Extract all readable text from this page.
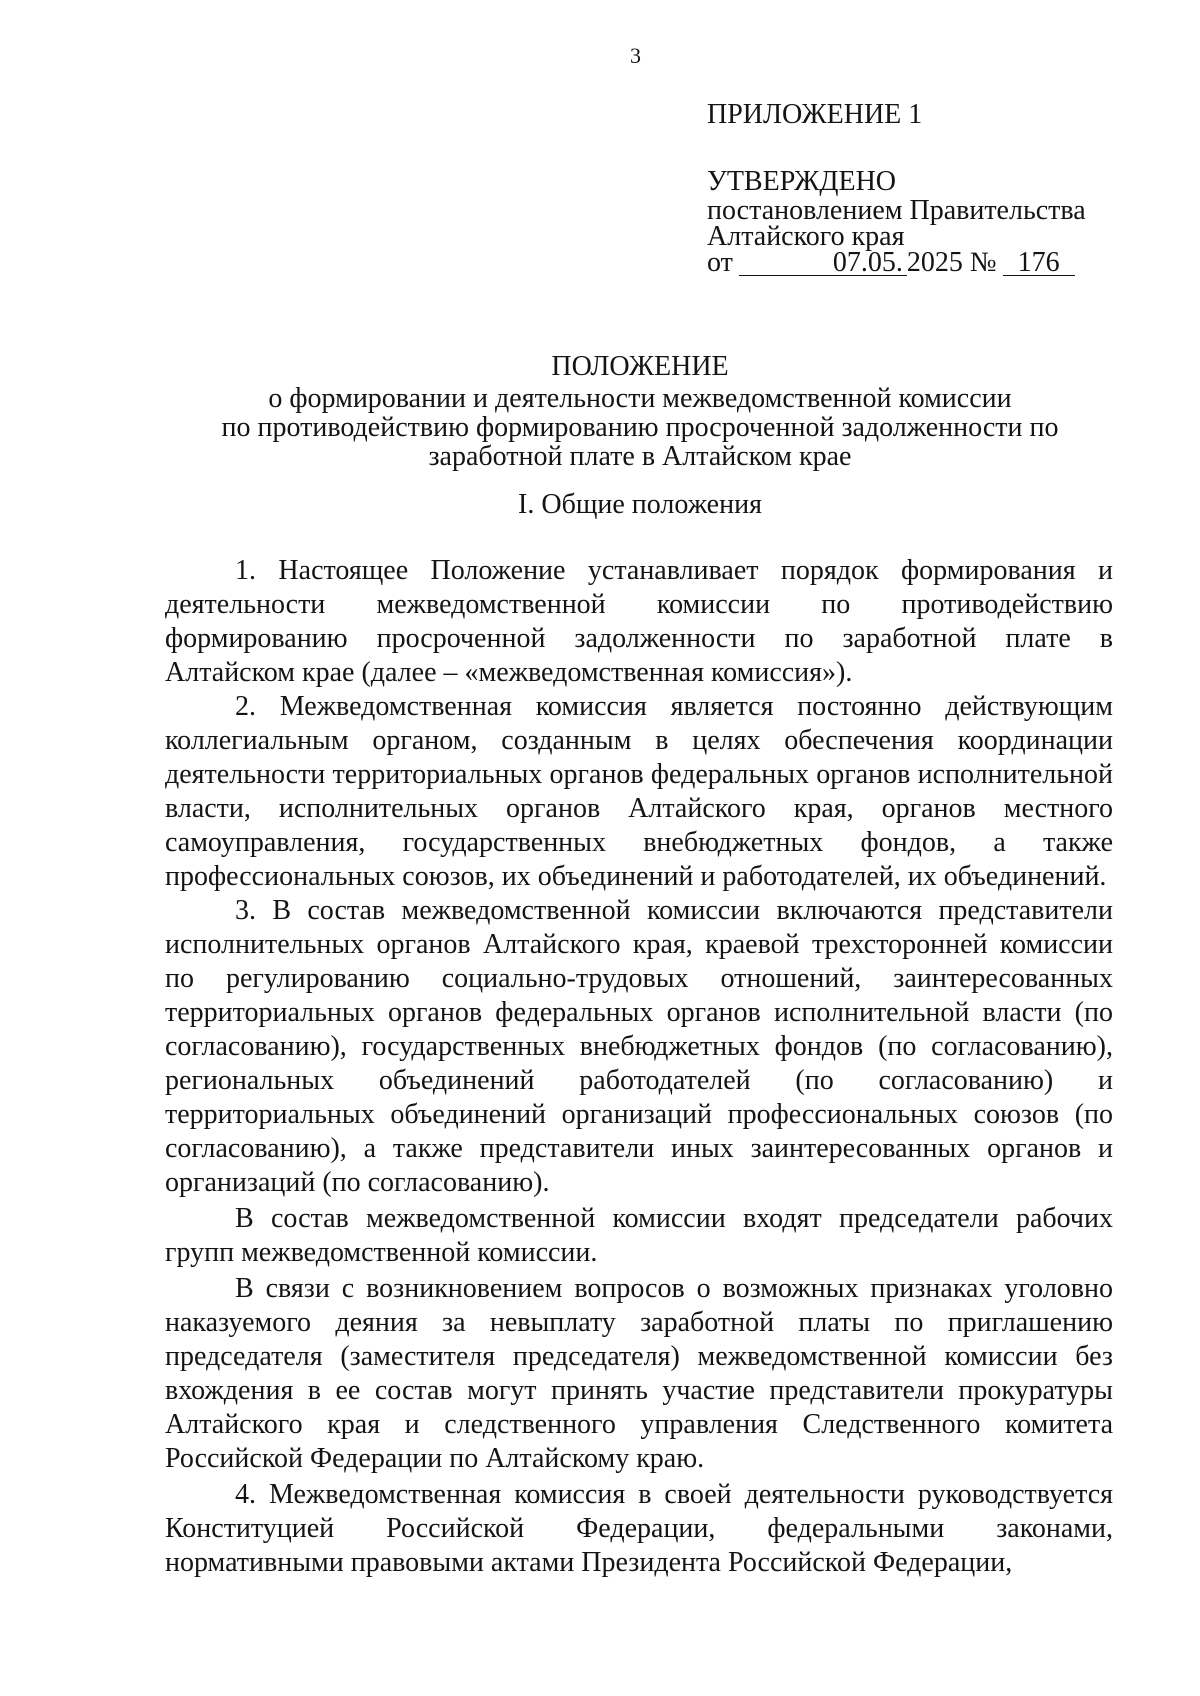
3
ПРИЛОЖЕНИЕ 1
УТВЕРЖДЕНО
постановлением Правительства
Алтайского края
от	07.05. 2025 № 176
ПОЛОЖЕНИЕ
о формировании и деятельности межведомственной комиссии
по противодействию формированию просроченной задолженности по
заработной плате в Алтайском крае
I. Общие положения

1. Настоящее Положение устанавливает порядок формирования и деятельности межведомственной комиссии по противодействию формированию просроченной задолженности по заработной плате в Алтайском крае (далее – «межведомственная комиссия»).

2. Межведомственная комиссия является постоянно действующим коллегиальным органом, созданным в целях обеспечения координации деятельности территориальных органов федеральных органов исполнительной власти, исполнительных органов Алтайского края, органов местного самоуправления, государственных внебюджетных фондов, а также профессиональных союзов, их объединений и работодателей, их объединений.

3. В состав межведомственной комиссии включаются представители исполнительных органов Алтайского края, краевой трехсторонней комиссии по регулированию социально-трудовых отношений, заинтересованных территориальных органов федеральных органов исполнительной власти (по согласованию), государственных внебюджетных фондов (по согласованию), региональных объединений работодателей (по согласованию) и территориальных объединений организаций профессиональных союзов (по согласованию), а также представители иных заинтересованных органов и организаций (по согласованию).

В состав межведомственной комиссии входят председатели рабочих групп межведомственной комиссии.

В связи с возникновением вопросов о возможных признаках уголовно наказуемого деяния за невыплату заработной платы по приглашению председателя (заместителя председателя) межведомственной комиссии без вхождения в ее состав могут принять участие представители прокуратуры Алтайского края и следственного управления Следственного комитета Российской Федерации по Алтайскому краю.

4. Межведомственная комиссия в своей деятельности руководствуется Конституцией Российской Федерации, федеральными законами, нормативными правовыми актами Президента Российской Федерации,
